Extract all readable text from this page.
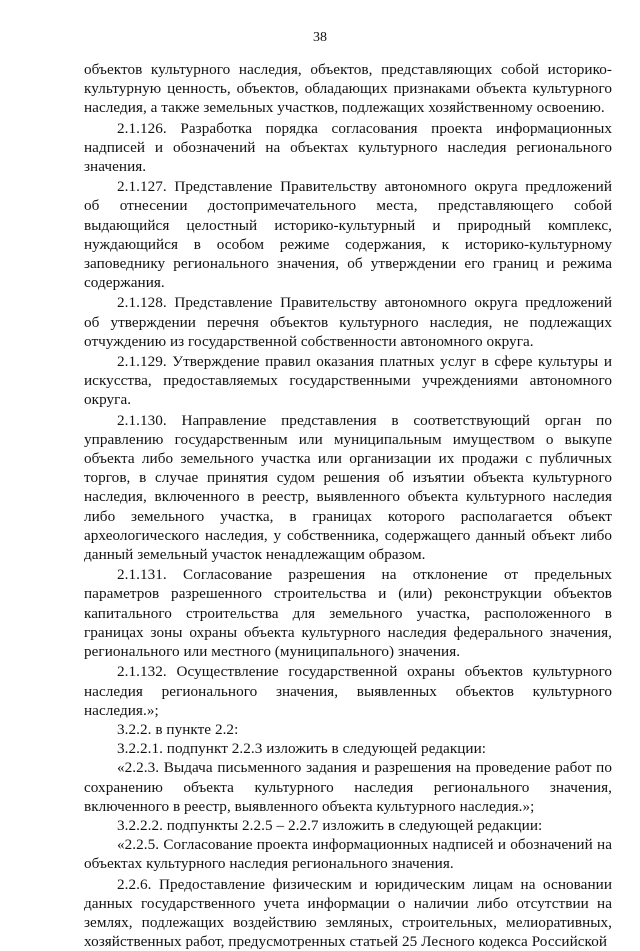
38

объектов культурного наследия, объектов, представляющих собой историко-культурную ценность, объектов, обладающих признаками объекта культурного наследия, а также земельных участков, подлежащих хозяйственному освоению.

2.1.126. Разработка порядка согласования проекта информационных надписей и обозначений на объектах культурного наследия регионального значения.

2.1.127. Представление Правительству автономного округа предложений об отнесении достопримечательного места, представляющего собой выдающийся целостный историко-культурный и природный комплекс, нуждающийся в особом режиме содержания, к историко-культурному заповеднику регионального значения, об утверждении его границ и режима содержания.

2.1.128. Представление Правительству автономного округа предложений об утверждении перечня объектов культурного наследия, не подлежащих отчуждению из государственной собственности автономного округа.

2.1.129. Утверждение правил оказания платных услуг в сфере культуры и искусства, предоставляемых государственными учреждениями автономного округа.

2.1.130. Направление представления в соответствующий орган по управлению государственным или муниципальным имуществом о выкупе объекта либо земельного участка или организации их продажи с публичных торгов, в случае принятия судом решения об изъятии объекта культурного наследия, включенного в реестр, выявленного объекта культурного наследия либо земельного участка, в границах которого располагается объект археологического наследия, у собственника, содержащего данный объект либо данный земельный участок ненадлежащим образом.

2.1.131. Согласование разрешения на отклонение от предельных параметров разрешенного строительства и (или) реконструкции объектов капитального строительства для земельного участка, расположенного в границах зоны охраны объекта культурного наследия федерального значения, регионального или местного (муниципального) значения.

2.1.132. Осуществление государственной охраны объектов культурного наследия регионального значения, выявленных объектов культурного наследия.»;

3.2.2. в пункте 2.2:

3.2.2.1. подпункт 2.2.3 изложить в следующей редакции:

«2.2.3. Выдача письменного задания и разрешения на проведение работ по сохранению объекта культурного наследия регионального значения, включенного в реестр, выявленного объекта культурного наследия.»;

3.2.2.2. подпункты 2.2.5 – 2.2.7 изложить в следующей редакции:

«2.2.5. Согласование проекта информационных надписей и обозначений на объектах культурного наследия регионального значения.

2.2.6. Предоставление физическим и юридическим лицам на основании данных государственного учета информации о наличии либо отсутствии на землях, подлежащих воздействию земляных, строительных, мелиоративных, хозяйственных работ, предусмотренных статьей 25 Лесного кодекса Российской
